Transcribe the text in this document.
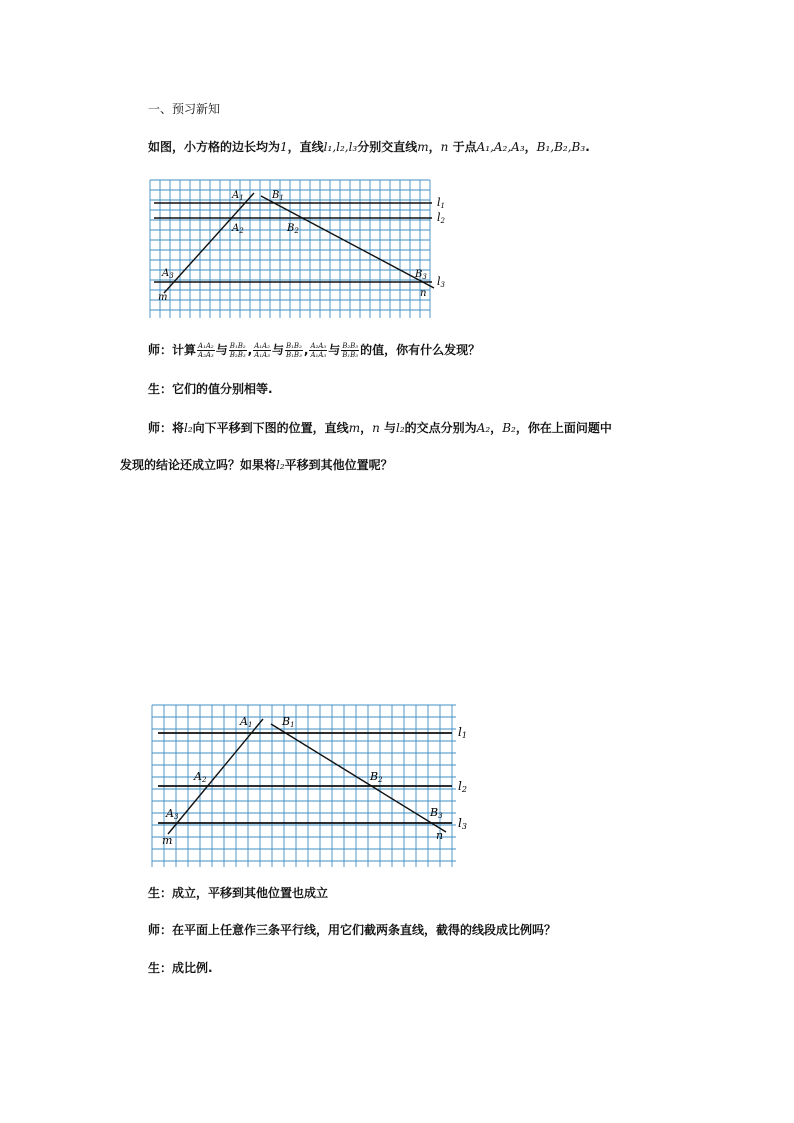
一、预习新知
如图，小方格的边长均为1，直线l₁,l₂,l₃分别交直线m，n 于点A₁,A₂,A₃，B₁,B₂,B₃.
$A_1$
$A_2$
$A_3$
$B_1$
$B_2$
$B_3$
l1
l2
l3
m	n
师：计算 $\frac{\text{A₁A₂}}{\text{A₂A₃}}$ 与 $\frac{\text{B₁B₂}}{\text{B₂B₃}}$ , $\frac{\text{A₁A₂}}{\text{A₁A₃}}$ 与 $\frac{\text{B₁B₂}}{\text{B₁B₃}}$ , $\frac{\text{A₂A₃}}{\text{A₁A₃}}$ 与 $\frac{\text{B₂B₃}}{\text{B₁B₃}}$ 的值，你有什么发现？
生：它们的值分别相等.
师：将l₂向下平移到下图的位置，直线m，n 与l₂的交点分别为A₂，B₂，你在上面问题中
发现的结论还成立吗？如果将l₂平移到其他位置呢？
A1
A2
A3
B1
B2
B3
l1
l2
l3
m	n
生：成立，平移到其他位置也成立
师：在平面上任意作三条平行线，用它们截两条直线，截得的线段成比例吗？
生：成比例.
